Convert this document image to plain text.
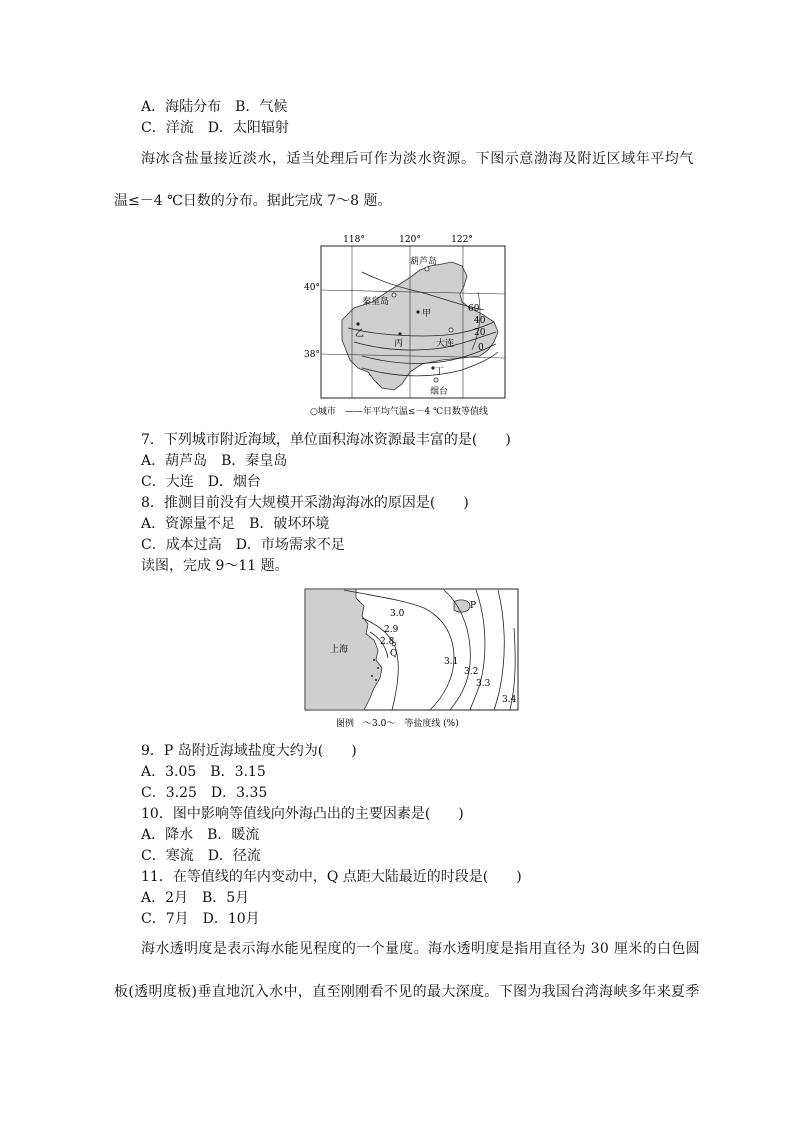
A．海陆分布　B．气候
C．洋流　D．太阳辐射
海冰含盐量接近淡水，适当处理后可作为淡水资源。下图示意渤海及附近区域年平均气
温≤－4 ℃日数的分布。据此完成 7～8 题。
118°	120°	122°
40°
38°
葫芦岛
秦皇岛
甲
乙
丙	大连
丁
烟台
60
40
20
0
○城市　——年平均气温≤－4 ℃日数等值线
7．下列城市附近海域，单位面积海冰资源最丰富的是(　　)
A．葫芦岛　B．秦皇岛
C．大连　D．烟台
8．推测目前没有大规模开采渤海海冰的原因是(　　)
A．资源量不足　B．破坏环境
C．成本过高　D．市场需求不足
读图，完成 9～11 题。
上海
P
Q
3.0
2.9
2.8
3.1
3.2
3.3
3.4
图例　～3.0～　等盐度线 (%)
9．P 岛附近海域盐度大约为(　　)
A．3.05　B．3.15
C．3.25　D．3.35
10．图中影响等值线向外海凸出的主要因素是(　　)
A．降水　B．暖流
C．寒流　D．径流
11．在等值线的年内变动中，Q 点距大陆最近的时段是(　　)
A．2月　B．5月
C．7月　D．10月
海水透明度是表示海水能见程度的一个量度。海水透明度是指用直径为 30 厘米的白色圆
板(透明度板)垂直地沉入水中，直至刚刚看不见的最大深度。下图为我国台湾海峡多年来夏季
